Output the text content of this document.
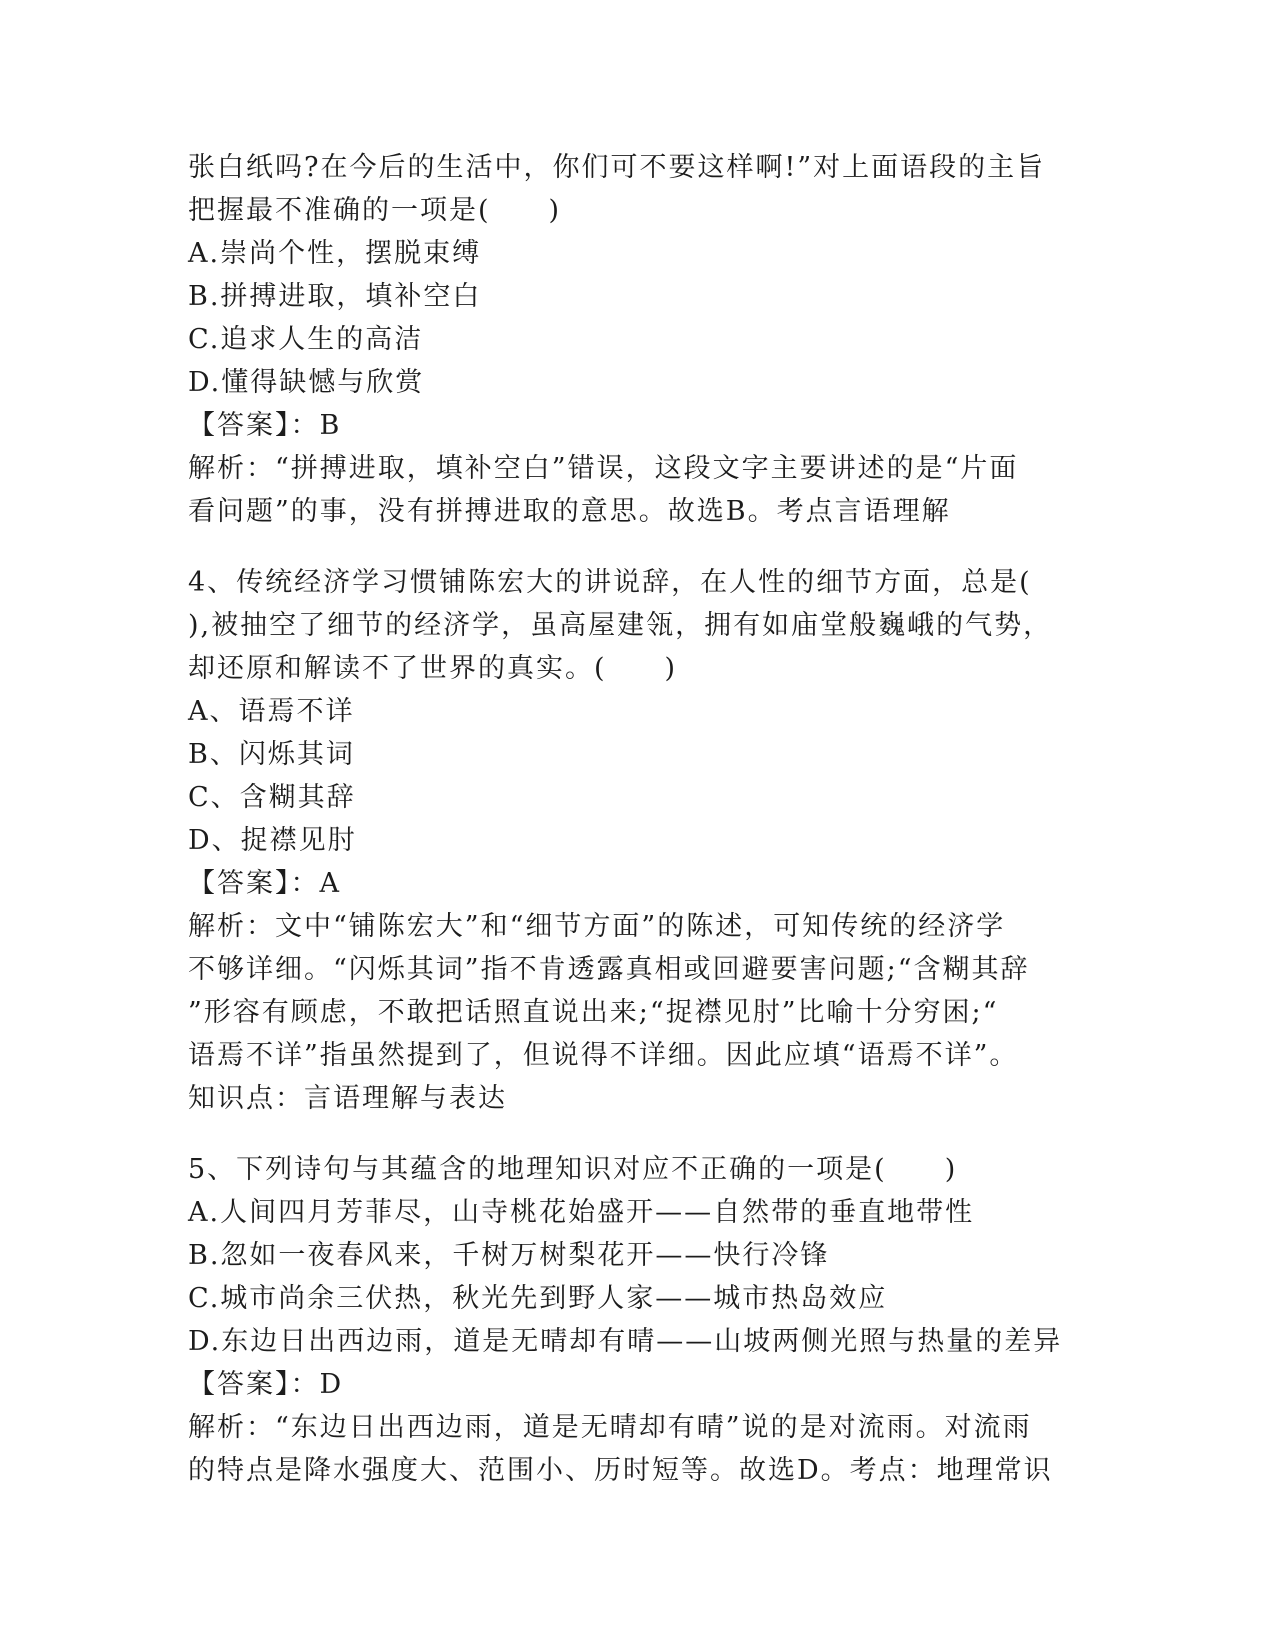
张白纸吗?在今后的生活中，你们可不要这样啊!”对上面语段的主旨
把握最不准确的一项是(　　)
A.崇尚个性，摆脱束缚
B.拼搏进取，填补空白
C.追求人生的高洁
D.懂得缺憾与欣赏
【答案】：B
解析：“拼搏进取，填补空白”错误，这段文字主要讲述的是“片面
看问题”的事，没有拼搏进取的意思。故选B。考点言语理解
4、传统经济学习惯铺陈宏大的讲说辞，在人性的细节方面，总是(
),被抽空了细节的经济学，虽高屋建瓴，拥有如庙堂般巍峨的气势，
却还原和解读不了世界的真实。(　　)
A、语焉不详
B、闪烁其词
C、含糊其辞
D、捉襟见肘
【答案】：A
解析：文中“铺陈宏大”和“细节方面”的陈述，可知传统的经济学
不够详细。“闪烁其词”指不肯透露真相或回避要害问题;“含糊其辞
”形容有顾虑，不敢把话照直说出来;“捉襟见肘”比喻十分穷困;“
语焉不详”指虽然提到了，但说得不详细。因此应填“语焉不详”。
知识点：言语理解与表达
5、下列诗句与其蕴含的地理知识对应不正确的一项是(　　)
A.人间四月芳菲尽，山寺桃花始盛开——自然带的垂直地带性
B.忽如一夜春风来，千树万树梨花开——快行冷锋
C.城市尚余三伏热，秋光先到野人家——城市热岛效应
D.东边日出西边雨，道是无晴却有晴——山坡两侧光照与热量的差异
【答案】：D
解析：“东边日出西边雨，道是无晴却有晴”说的是对流雨。对流雨
的特点是降水强度大、范围小、历时短等。故选D。考点：地理常识
